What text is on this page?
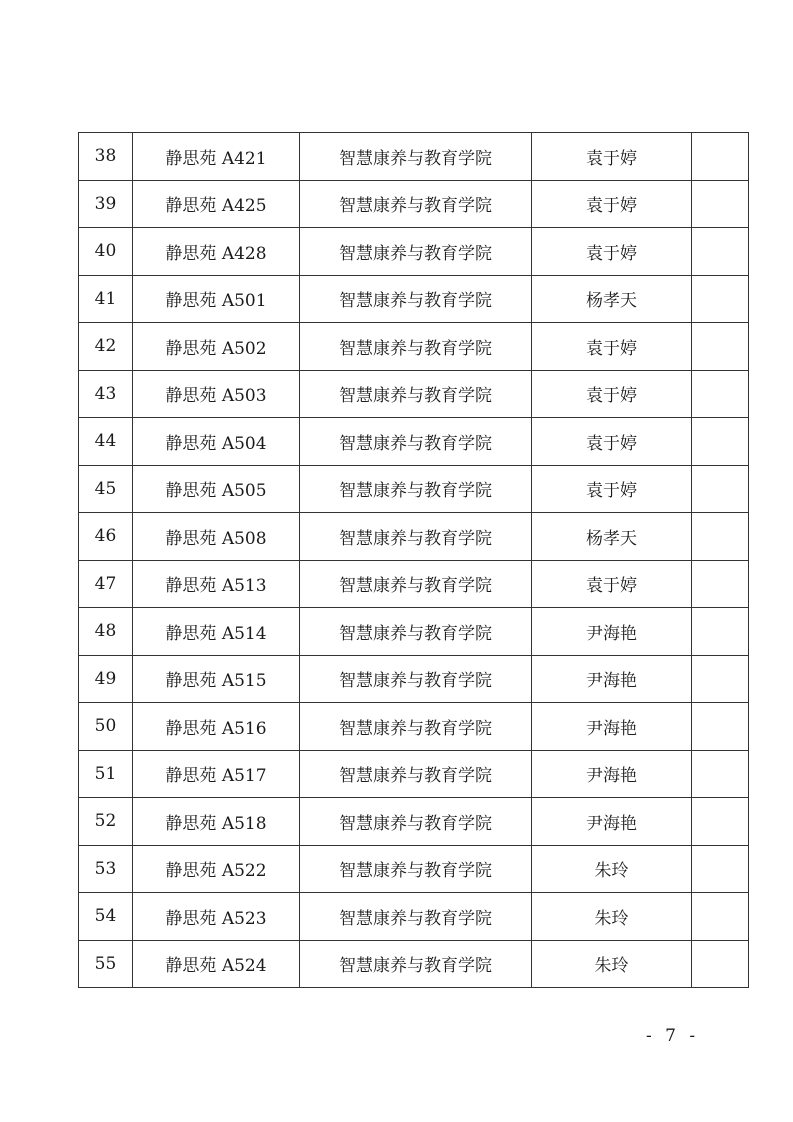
38	静思苑 A421	智慧康养与教育学院	袁于婷	
39	静思苑 A425	智慧康养与教育学院	袁于婷	
40	静思苑 A428	智慧康养与教育学院	袁于婷	
41	静思苑 A501	智慧康养与教育学院	杨孝天	
42	静思苑 A502	智慧康养与教育学院	袁于婷	
43	静思苑 A503	智慧康养与教育学院	袁于婷	
44	静思苑 A504	智慧康养与教育学院	袁于婷	
45	静思苑 A505	智慧康养与教育学院	袁于婷	
46	静思苑 A508	智慧康养与教育学院	杨孝天	
47	静思苑 A513	智慧康养与教育学院	袁于婷	
48	静思苑 A514	智慧康养与教育学院	尹海艳	
49	静思苑 A515	智慧康养与教育学院	尹海艳	
50	静思苑 A516	智慧康养与教育学院	尹海艳	
51	静思苑 A517	智慧康养与教育学院	尹海艳	
52	静思苑 A518	智慧康养与教育学院	尹海艳	
53	静思苑 A522	智慧康养与教育学院	朱玲	
54	静思苑 A523	智慧康养与教育学院	朱玲	
55	静思苑 A524	智慧康养与教育学院	朱玲	
- 7 -
